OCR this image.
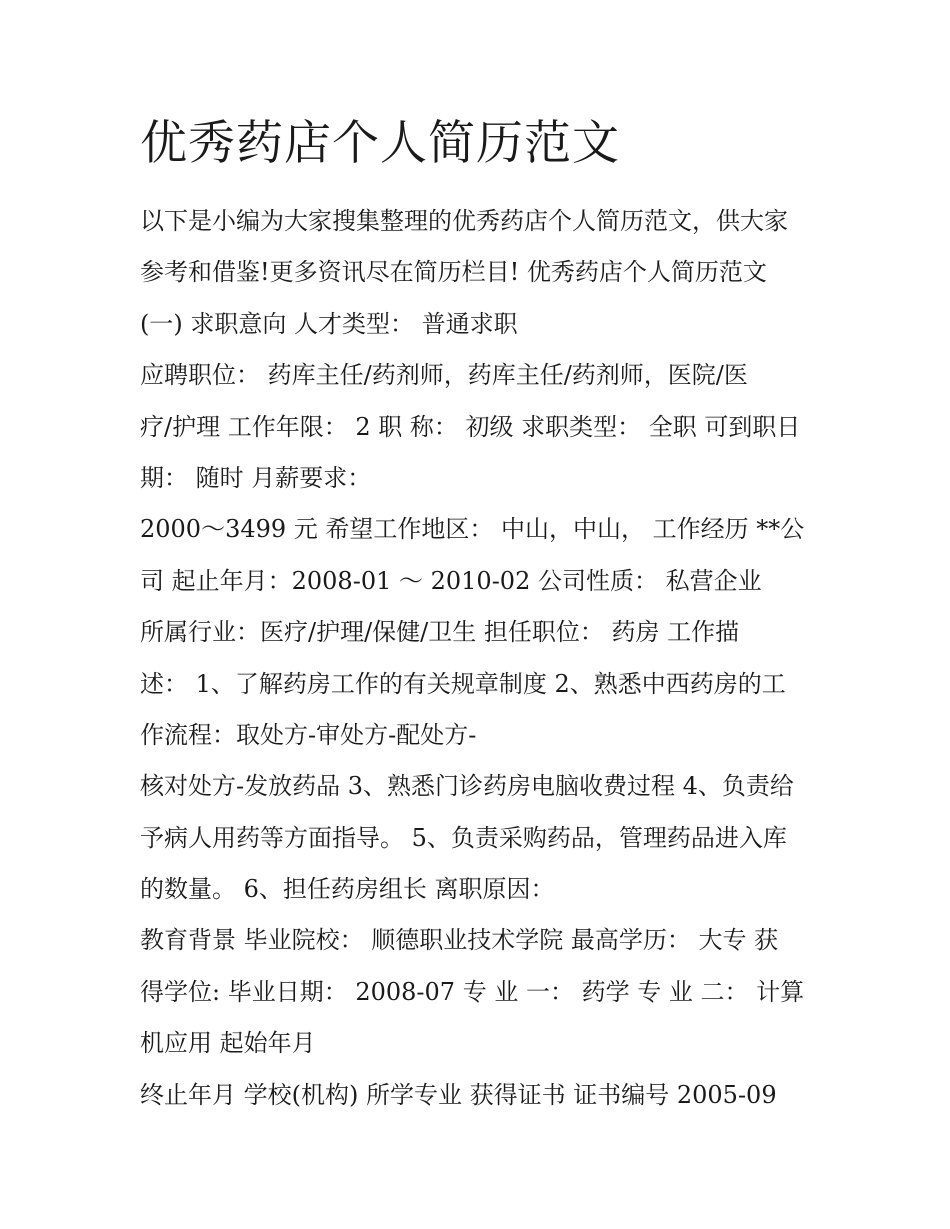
优秀药店个人简历范文
以下是小编为大家搜集整理的优秀药店个人简历范文，供大家
参考和借鉴!更多资讯尽在简历栏目! 优秀药店个人简历范文
(一) 求职意向 人才类型： 普通求职
应聘职位： 药库主任/药剂师，药库主任/药剂师，医院/医
疗/护理 工作年限： 2 职 称： 初级 求职类型： 全职 可到职日
期： 随时 月薪要求：
2000～3499 元 希望工作地区： 中山，中山， 工作经历 **公
司 起止年月：2008-01 ～ 2010-02 公司性质： 私营企业
所属行业：医疗/护理/保健/卫生 担任职位： 药房 工作描
述： 1、了解药房工作的有关规章制度 2、熟悉中西药房的工
作流程：取处方-审处方-配处方-
核对处方-发放药品 3、熟悉门诊药房电脑收费过程 4、负责给
予病人用药等方面指导。 5、负责采购药品，管理药品进入库
的数量。 6、担任药房组长 离职原因：
教育背景 毕业院校： 顺德职业技术学院 最高学历： 大专 获
得学位: 毕业日期： 2008-07 专 业 一： 药学 专 业 二： 计算
机应用 起始年月
终止年月 学校(机构) 所学专业 获得证书 证书编号 2005-09
